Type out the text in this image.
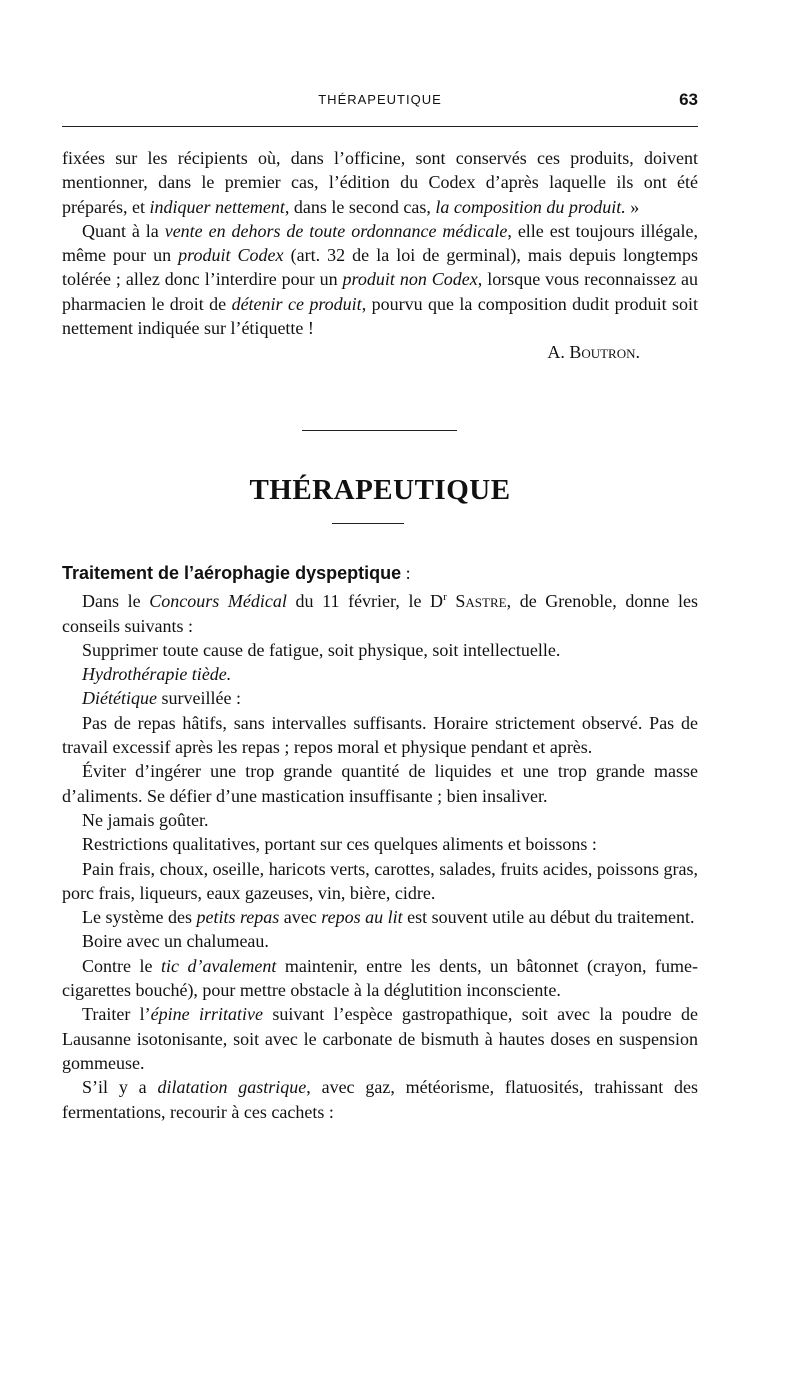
THÉRAPEUTIQUE	63

fixées sur les récipients où, dans l’officine, sont conservés ces produits, doivent mentionner, dans le premier cas, l’édition du Codex d’après laquelle ils ont été préparés, et indiquer nettement, dans le second cas, la composition du produit. »

Quant à la vente en dehors de toute ordonnance médicale, elle est toujours illégale, même pour un produit Codex (art. 32 de la loi de germinal), mais depuis longtemps tolérée ; allez donc l’interdire pour un produit non Codex, lorsque vous reconnaissez au pharmacien le droit de détenir ce produit, pourvu que la composition dudit produit soit nettement indiquée sur l’étiquette !

A. Boutron.

THÉRAPEUTIQUE

Traitement de l’aérophagie dyspeptique :

Dans le Concours Médical du 11 février, le $D^r$ Sastre, de Grenoble, donne les conseils suivants :

Supprimer toute cause de fatigue, soit physique, soit intellectuelle.

Hydrothérapie tiède.

Diététique surveillée :

Pas de repas hâtifs, sans intervalles suffisants. Horaire strictement observé. Pas de travail excessif après les repas ; repos moral et physique pendant et après.

Éviter d’ingérer une trop grande quantité de liquides et une trop grande masse d’aliments. Se défier d’une mastication insuffisante ; bien insaliver.

Ne jamais goûter.

Restrictions qualitatives, portant sur ces quelques aliments et boissons :

Pain frais, choux, oseille, haricots verts, carottes, salades, fruits acides, poissons gras, porc frais, liqueurs, eaux gazeuses, vin, bière, cidre.

Le système des petits repas avec repos au lit est souvent utile au début du traitement.

Boire avec un chalumeau.

Contre le tic d’avalement maintenir, entre les dents, un bâtonnet (crayon, fume-cigarettes bouché), pour mettre obstacle à la déglutition inconsciente.

Traiter l’épine irritative suivant l’espèce gastropathique, soit avec la poudre de Lausanne isotonisante, soit avec le carbonate de bismuth à hautes doses en suspension gommeuse.

S’il y a dilatation gastrique, avec gaz, météorisme, flatuosités, trahissant des fermentations, recourir à ces cachets :
